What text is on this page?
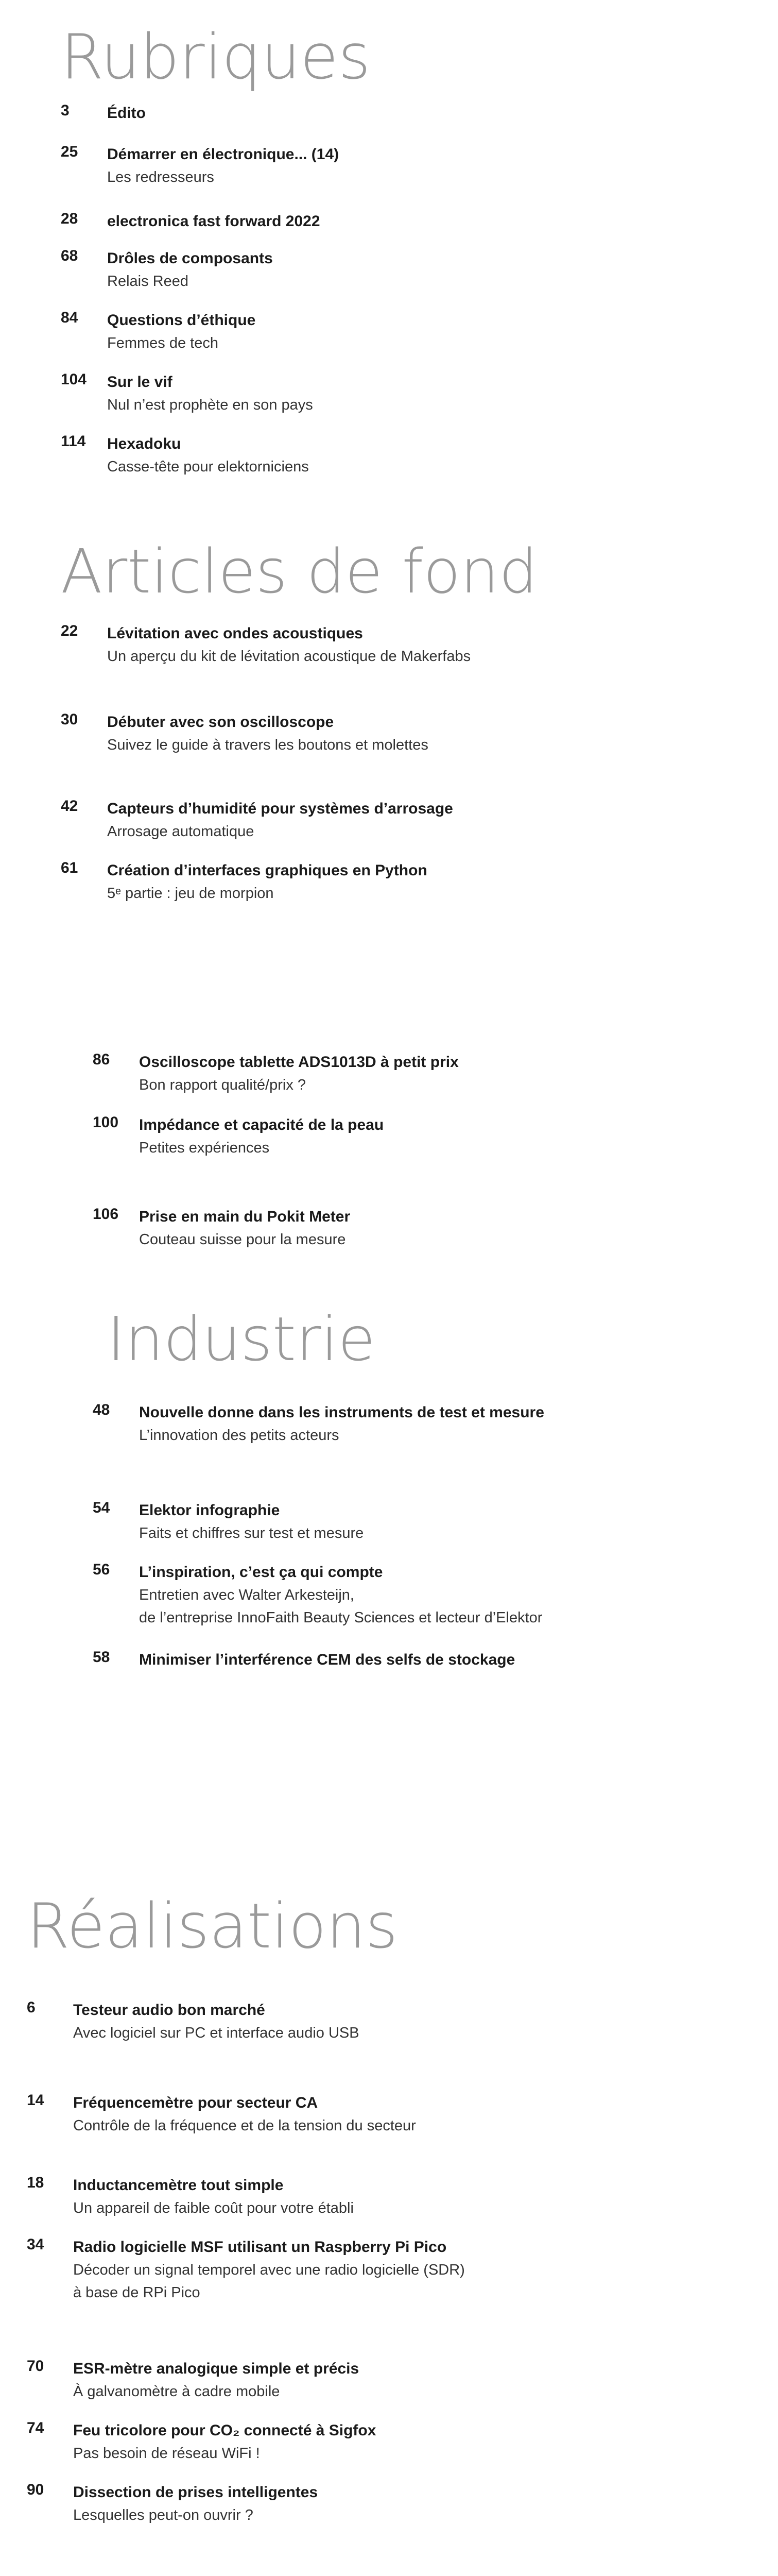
Rubriques
3 Édito
25 Démarrer en électronique... (14)
Les redresseurs
28 electronica fast forward 2022
68 Drôles de composants
Relais Reed
84 Questions d’éthique
Femmes de tech
104 Sur le vif
Nul n’est prophète en son pays
114 Hexadoku
Casse-tête pour elektorniciens
Articles de fond
22 Lévitation avec ondes acoustiques
Un aperçu du kit de lévitation acoustique de Makerfabs
30 Débuter avec son oscilloscope
Suivez le guide à travers les boutons et molettes
42 Capteurs d’humidité pour systèmes d’arrosage
Arrosage automatique
61 Création d’interfaces graphiques en Python
5ᵉ partie : jeu de morpion
86 Oscilloscope tablette ADS1013D à petit prix
Bon rapport qualité/prix ?
100 Impédance et capacité de la peau
Petites expériences
106 Prise en main du Pokit Meter
Couteau suisse pour la mesure
Industrie
48 Nouvelle donne dans les instruments de test et mesure
L’innovation des petits acteurs
54 Elektor infographie
Faits et chiffres sur test et mesure
56 L’inspiration, c’est ça qui compte
Entretien avec Walter Arkesteijn,
de l’entreprise InnoFaith Beauty Sciences et lecteur d’Elektor
58 Minimiser l’interférence CEM des selfs de stockage
Réalisations
6 Testeur audio bon marché
Avec logiciel sur PC et interface audio USB
14 Fréquencemètre pour secteur CA
Contrôle de la fréquence et de la tension du secteur
18 Inductancemètre tout simple
Un appareil de faible coût pour votre établi
34 Radio logicielle MSF utilisant un Raspberry Pi Pico
Décoder un signal temporel avec une radio logicielle (SDR)
à base de RPi Pico
70 ESR-mètre analogique simple et précis
À galvanomètre à cadre mobile
74 Feu tricolore pour CO₂ connecté à Sigfox
Pas besoin de réseau WiFi !
90 Dissection de prises intelligentes
Lesquelles peut-on ouvrir ?
